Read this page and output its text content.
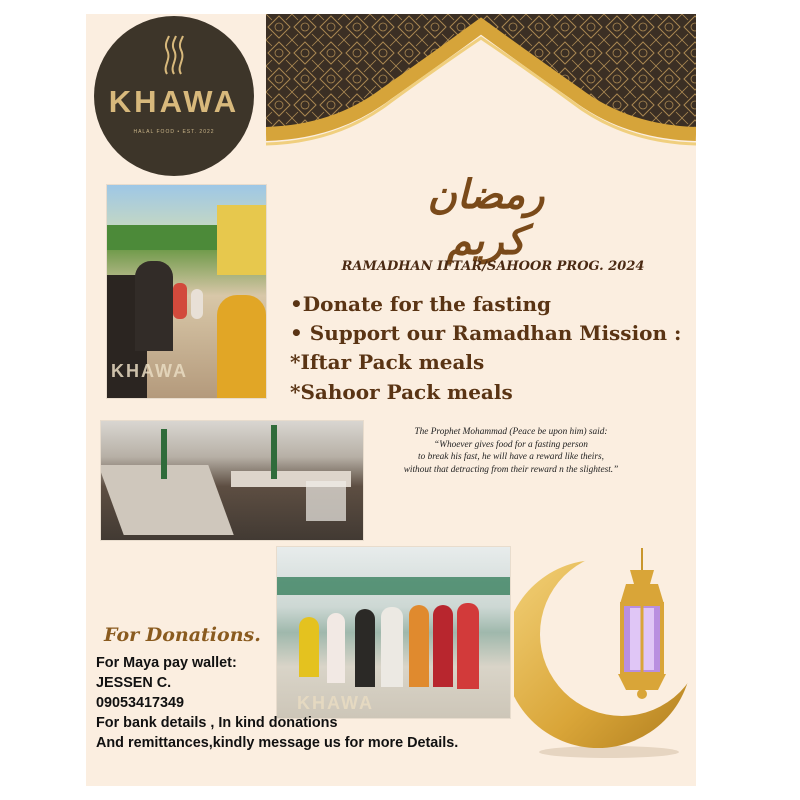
KHAWA
HALAL FOOD • EST. 2022
رمضان كريم
KHAWA
RAMADHAN IFTAR/SAHOOR PROG. 2024
•Donate for the fasting
• Support our Ramadhan Mission :
*Iftar Pack meals
*Sahoor Pack meals
The Prophet Mohammad (Peace be upon him) said:
“Whoever gives food for a fasting person
to break his fast, he will have a reward like theirs,
without that detracting from their reward n the slightest.”
KHAWA
For Donations.
For Maya pay wallet:
JESSEN C.
09053417349
For bank details , In kind donations
And remittances,kindly message us for more Details.
